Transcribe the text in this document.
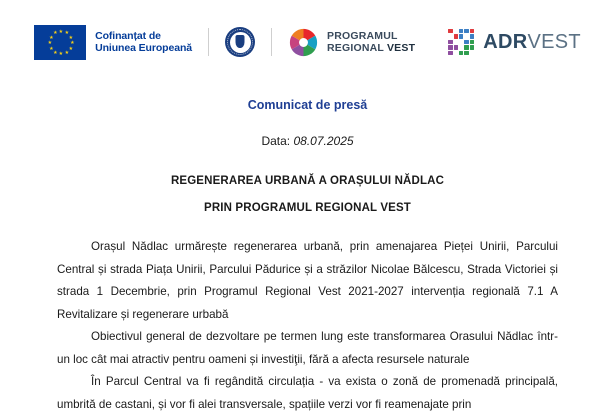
★
★
★
★
★
★
★
★
★
★
★
★
Cofinanțat de
Uniunea Europeană
PROGRAMUL
REGIONAL VEST	ADRVEST
Comunicat de presă
Data: 08.07.2025
REGENERAREA URBANĂ A ORAȘULUI NĂDLAC
PRIN PROGRAMUL REGIONAL VEST

Orașul Nădlac urmărește regenerarea urbană, prin amenajarea Pieței Unirii, Parcului Central și strada Piața Unirii, Parcului Pădurice și a străzilor Nicolae Bălcescu, Strada Victoriei și strada 1 Decembrie, prin Programul Regional Vest 2021-2027 intervenția regională 7.1 A Revitalizare și regenerare urbabă

Obiectivul general de dezvoltare pe termen lung este transformarea Orasului Nădlac într-un loc cât mai atractiv pentru oameni și investiţii, fără a afecta resursele naturale

În Parcul Central va fi regândită circulația - va exista o zonă de promenadă principală, umbrită de castani, și vor fi alei transversale, spațiile verzi vor fi reamenajate prin
